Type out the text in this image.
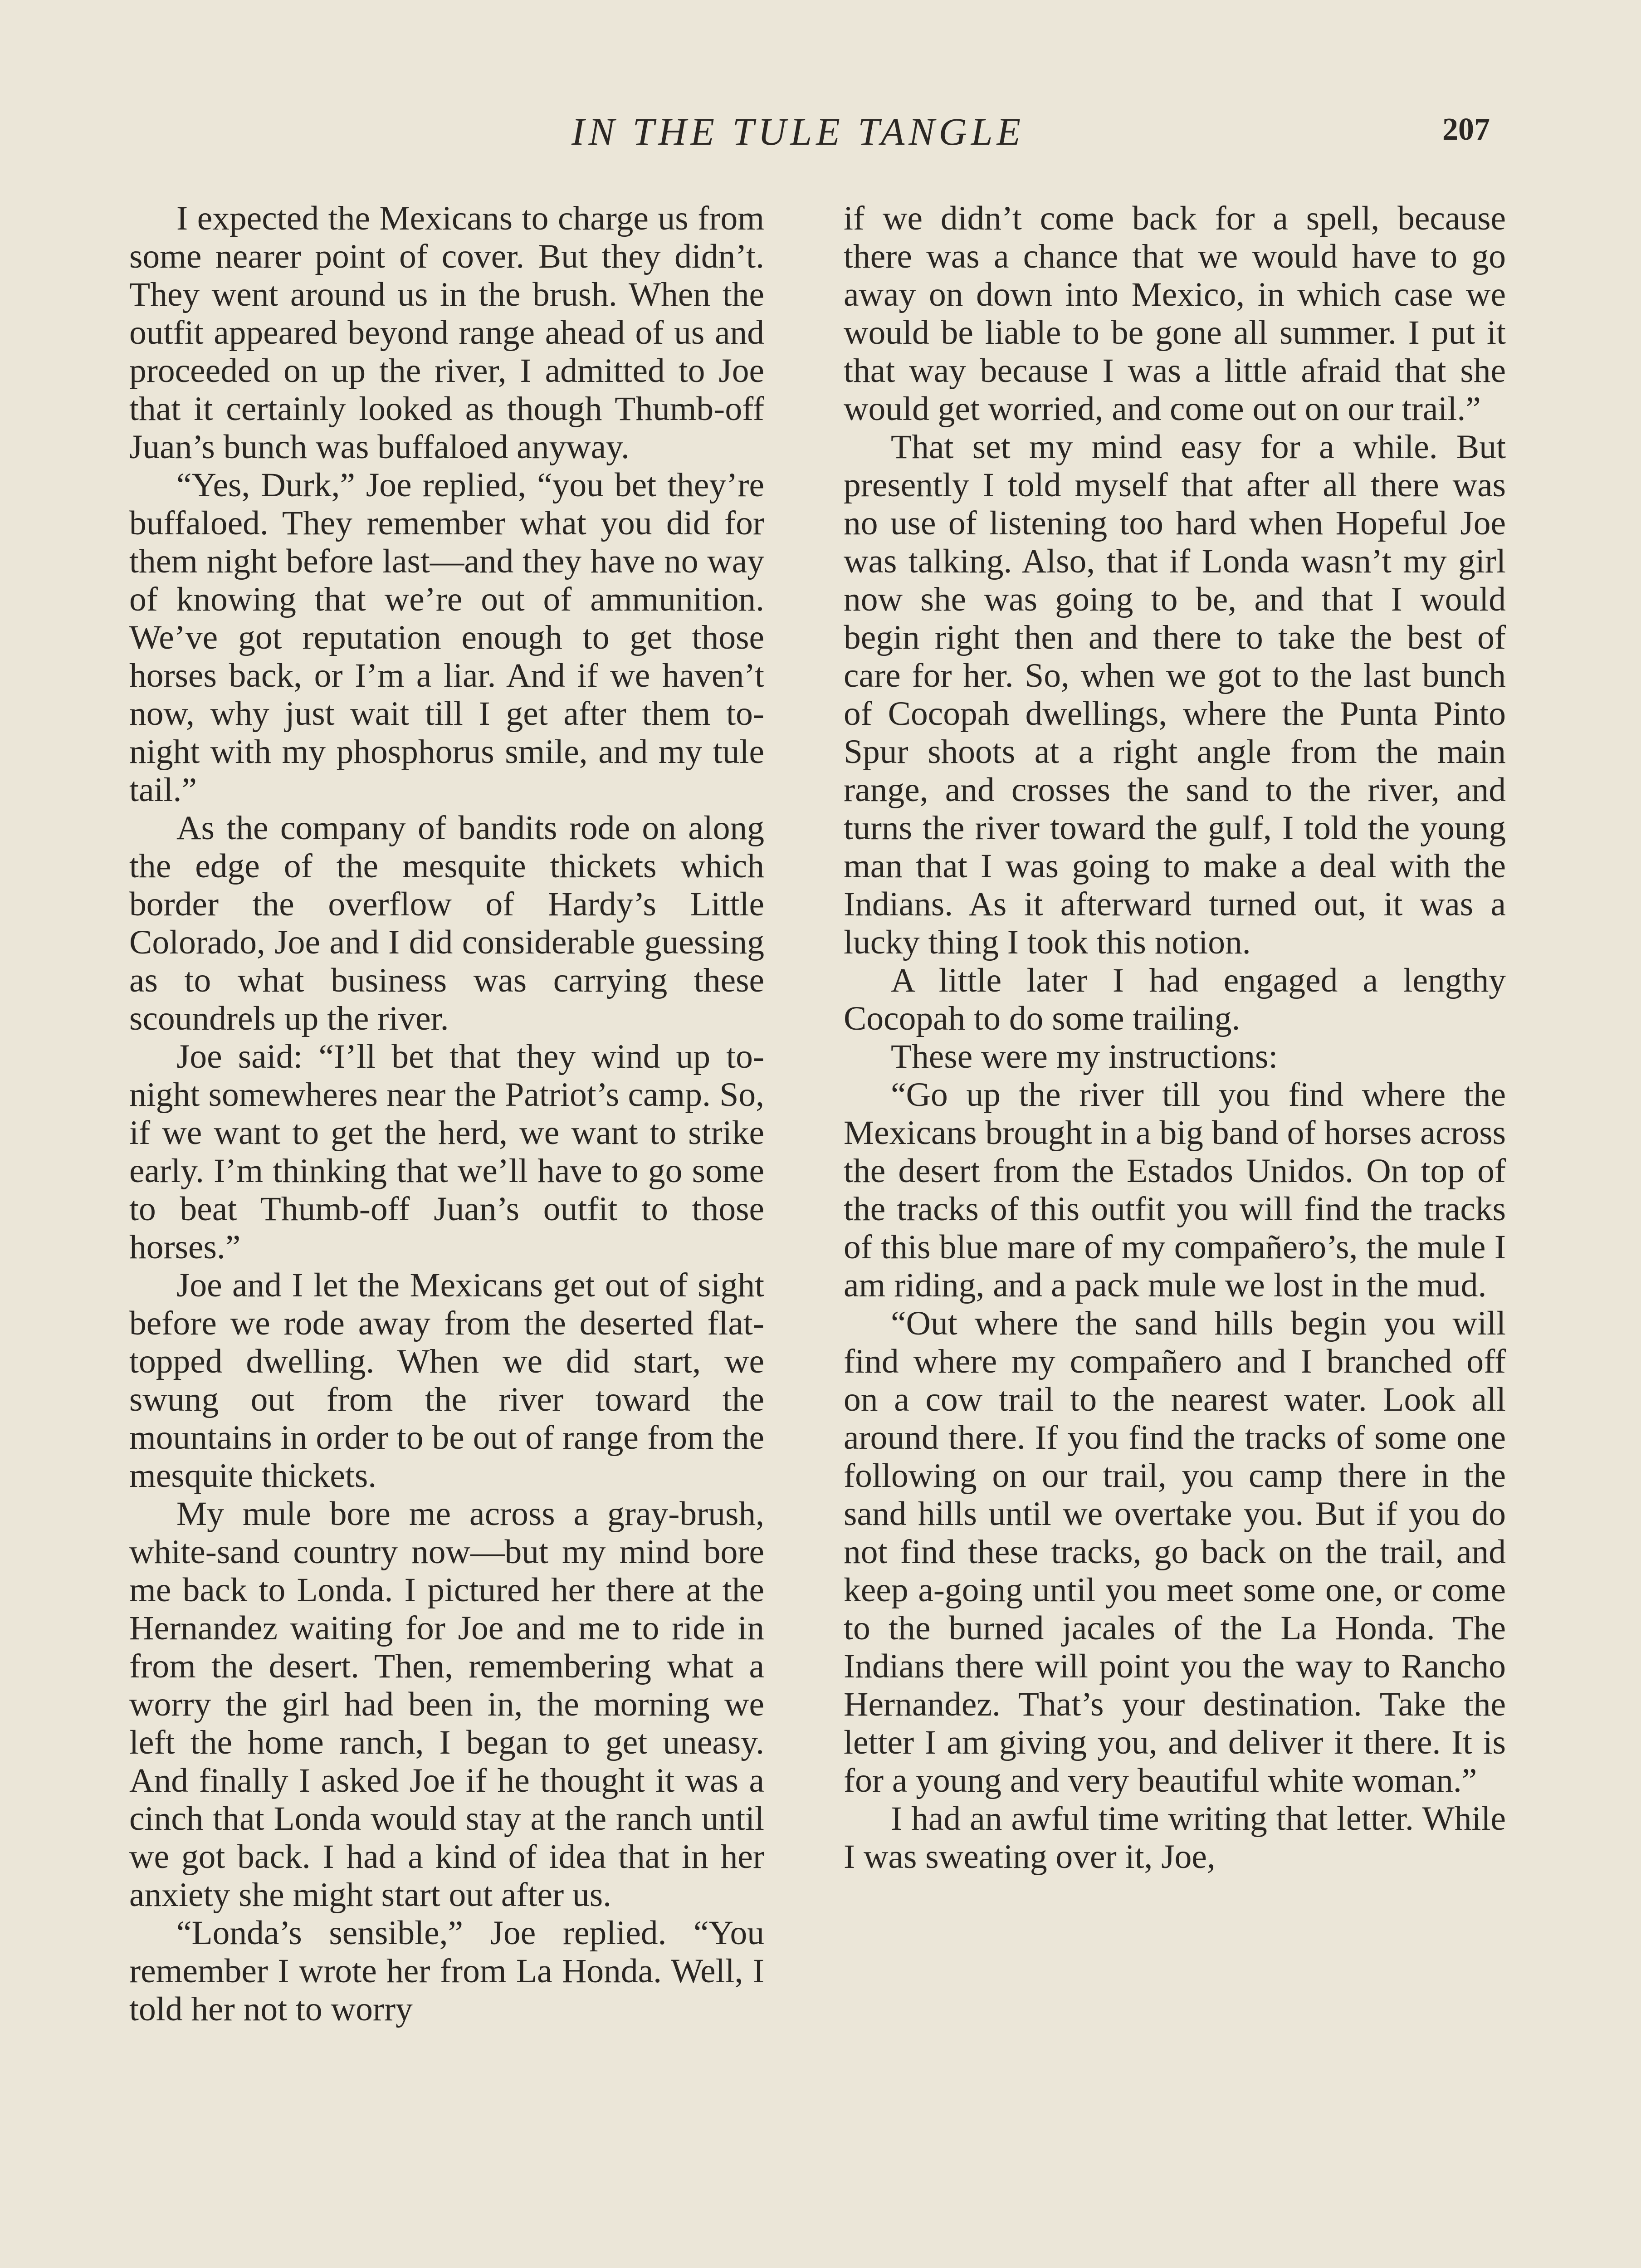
IN THE TULE TANGLE	207

I expected the Mexicans to charge us from some nearer point of cover. But they didn’t. They went around us in the brush. When the outfit appeared beyond range ahead of us and proceeded on up the river, I admitted to Joe that it certainly looked as though Thumb-off Juan’s bunch was buffaloed anyway.

“Yes, Durk,” Joe replied, “you bet they’re buffaloed. They remember what you did for them night before last—and they have no way of knowing that we’re out of ammunition. We’ve got reputation enough to get those horses back, or I’m a liar. And if we haven’t now, why just wait till I get after them to-night with my phosphorus smile, and my tule tail.”

As the company of bandits rode on along the edge of the mesquite thickets which border the overflow of Hardy’s Little Colorado, Joe and I did considerable guessing as to what business was carrying these scoundrels up the river.

Joe said: “I’ll bet that they wind up to-night somewheres near the Patriot’s camp. So, if we want to get the herd, we want to strike early. I’m thinking that we’ll have to go some to beat Thumb-off Juan’s outfit to those horses.”

Joe and I let the Mexicans get out of sight before we rode away from the deserted flat-topped dwelling. When we did start, we swung out from the river toward the mountains in order to be out of range from the mesquite thickets.

My mule bore me across a gray-brush, white-sand country now—but my mind bore me back to Londa. I pictured her there at the Hernandez waiting for Joe and me to ride in from the desert. Then, remembering what a worry the girl had been in, the morning we left the home ranch, I began to get uneasy. And finally I asked Joe if he thought it was a cinch that Londa would stay at the ranch until we got back. I had a kind of idea that in her anxiety she might start out after us.

“Londa’s sensible,” Joe replied. “You remember I wrote her from La Honda. Well, I told her not to worry

if we didn’t come back for a spell, because there was a chance that we would have to go away on down into Mexico, in which case we would be liable to be gone all summer. I put it that way because I was a little afraid that she would get worried, and come out on our trail.”

That set my mind easy for a while. But presently I told myself that after all there was no use of listening too hard when Hopeful Joe was talking. Also, that if Londa wasn’t my girl now she was going to be, and that I would begin right then and there to take the best of care for her. So, when we got to the last bunch of Cocopah dwellings, where the Punta Pinto Spur shoots at a right angle from the main range, and crosses the sand to the river, and turns the river toward the gulf, I told the young man that I was going to make a deal with the Indians. As it afterward turned out, it was a lucky thing I took this notion.

A little later I had engaged a lengthy Cocopah to do some trailing.

These were my instructions:

“Go up the river till you find where the Mexicans brought in a big band of horses across the desert from the Estados Unidos. On top of the tracks of this outfit you will find the tracks of this blue mare of my compañero’s, the mule I am riding, and a pack mule we lost in the mud.

“Out where the sand hills begin you will find where my compañero and I branched off on a cow trail to the nearest water. Look all around there. If you find the tracks of some one following on our trail, you camp there in the sand hills until we overtake you. But if you do not find these tracks, go back on the trail, and keep a-going until you meet some one, or come to the burned jacales of the La Honda. The Indians there will point you the way to Rancho Hernandez. That’s your destination. Take the letter I am giving you, and deliver it there. It is for a young and very beautiful white woman.”

I had an awful time writing that letter. While I was sweating over it, Joe,
